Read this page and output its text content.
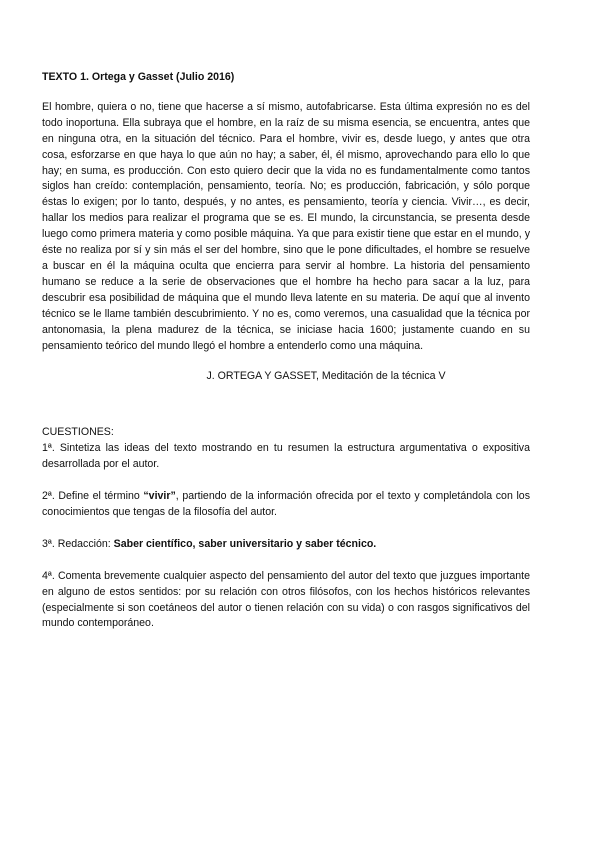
TEXTO 1. Ortega y Gasset (Julio 2016)

El hombre, quiera o no, tiene que hacerse a sí mismo, autofabricarse. Esta última expresión no es del todo inoportuna. Ella subraya que el hombre, en la raíz de su misma esencia, se encuentra, antes que en ninguna otra, en la situación del técnico. Para el hombre, vivir es, desde luego, y antes que otra cosa, esforzarse en que haya lo que aún no hay; a saber, él, él mismo, aprovechando para ello lo que hay; en suma, es producción. Con esto quiero decir que la vida no es fundamentalmente como tantos siglos han creído: contemplación, pensamiento, teoría. No; es producción, fabricación, y sólo porque éstas lo exigen; por lo tanto, después, y no antes, es pensamiento, teoría y ciencia. Vivir…, es decir, hallar los medios para realizar el programa que se es. El mundo, la circunstancia, se presenta desde luego como primera materia y como posible máquina. Ya que para existir tiene que estar en el mundo, y éste no realiza por sí y sin más el ser del hombre, sino que le pone dificultades, el hombre se resuelve a buscar en él la máquina oculta que encierra para servir al hombre. La historia del pensamiento humano se reduce a la serie de observaciones que el hombre ha hecho para sacar a la luz, para descubrir esa posibilidad de máquina que el mundo lleva latente en su materia. De aquí que al invento técnico se le llame también descubrimiento. Y no es, como veremos, una casualidad que la técnica por antonomasia, la plena madurez de la técnica, se iniciase hacia 1600; justamente cuando en su pensamiento teórico del mundo llegó el hombre a entenderlo como una máquina.

J. ORTEGA Y GASSET, Meditación de la técnica V

CUESTIONES:

1ª. Sintetiza las ideas del texto mostrando en tu resumen la estructura argumentativa o expositiva desarrollada por el autor.

2ª. Define el término “vivir”, partiendo de la información ofrecida por el texto y completándola con los conocimientos que tengas de la filosofía del autor.

3ª. Redacción: Saber científico, saber universitario y saber técnico.

4ª. Comenta brevemente cualquier aspecto del pensamiento del autor del texto que juzgues importante en alguno de estos sentidos: por su relación con otros filósofos, con los hechos históricos relevantes (especialmente si son coetáneos del autor o tienen relación con su vida) o con rasgos significativos del mundo contemporáneo.
